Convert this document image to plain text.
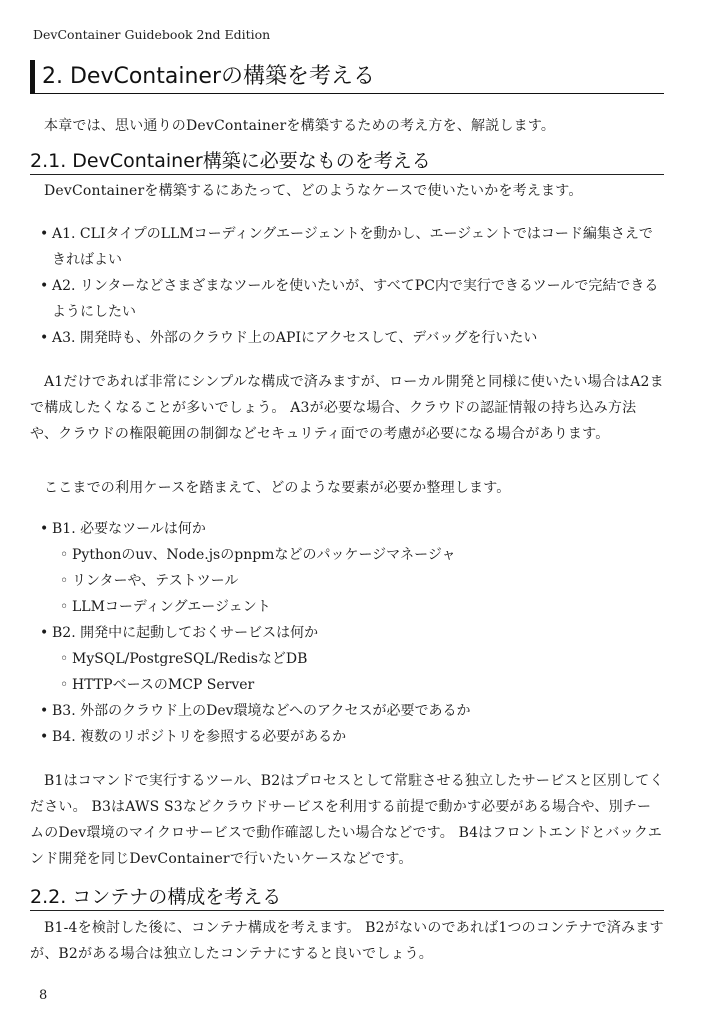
DevContainer Guidebook 2nd Edition
2. DevContainerの構築を考える

本章では、思い通りのDevContainerを構築するための考え方を、解説します。

2.1. DevContainer構築に必要なものを考える

DevContainerを構築するにあたって、どのようなケースで使いたいかを考えます。

• A1. CLIタイプのLLMコーディングエージェントを動かし、エージェントではコード編集さえできればよい
• A2. リンターなどさまざまなツールを使いたいが、すべてPC内で実行できるツールで完結できるようにしたい
• A3. 開発時も、外部のクラウド上のAPIにアクセスして、デバッグを行いたい

A1だけであれば非常にシンプルな構成で済みますが、ローカル開発と同様に使いたい場合はA2まで構成したくなることが多いでしょう。 A3が必要な場合、クラウドの認証情報の持ち込み方法や、クラウドの権限範囲の制御などセキュリティ面での考慮が必要になる場合があります。

ここまでの利用ケースを踏まえて、どのような要素が必要か整理します。

• B1. 必要なツールは何か
◦ Pythonのuv、Node.jsのpnpmなどのパッケージマネージャ
◦ リンターや、テストツール
◦ LLMコーディングエージェント
• B2. 開発中に起動しておくサービスは何か
◦ MySQL/PostgreSQL/RedisなどDB
◦ HTTPベースのMCP Server
• B3. 外部のクラウド上のDev環境などへのアクセスが必要であるか
• B4. 複数のリポジトリを参照する必要があるか

B1はコマンドで実行するツール、B2はプロセスとして常駐させる独立したサービスと区別してください。 B3はAWS S3などクラウドサービスを利用する前提で動かす必要がある場合や、別チームのDev環境のマイクロサービスで動作確認したい場合などです。 B4はフロントエンドとバックエンド開発を同じDevContainerで行いたいケースなどです。

2.2. コンテナの構成を考える

B1-4を検討した後に、コンテナ構成を考えます。 B2がないのであれば1つのコンテナで済みますが、B2がある場合は独立したコンテナにすると良いでしょう。

8
